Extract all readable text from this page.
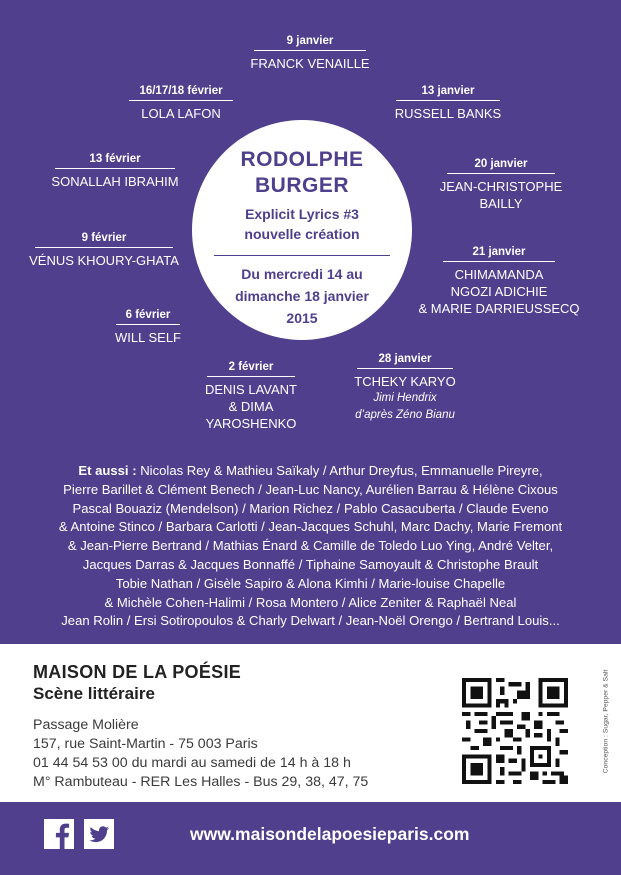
RODOLPHE
BURGER
Explicit Lyrics #3
nouvelle création
Du mercredi 14 au
dimanche 18 janvier
2015
9 janvier
FRANCK VENAILLE
13 janvier
RUSSELL BANKS
20 janvier
JEAN-CHRISTOPHE
BAILLY
21 janvier
CHIMAMANDA
NGOZI ADICHIE
& MARIE DARRIEUSSECQ
28 janvier
TCHEKY KARYO
Jimi Hendrix
d’après Zéno Bianu
2 février
DENIS LAVANT
& DIMA YAROSHENKO
6 février
WILL SELF
9 février
VÉNUS KHOURY-GHATA
13 février
SONALLAH IBRAHIM
16/17/18 février
LOLA LAFON
Et aussi : Nicolas Rey & Mathieu Saïkaly / Arthur Dreyfus, Emmanuelle Pireyre,
Pierre Barillet & Clément Benech / Jean-Luc Nancy, Aurélien Barrau & Hélène Cixous
Pascal Bouaziz (Mendelson) / Marion Richez / Pablo Casacuberta / Claude Eveno
& Antoine Stinco / Barbara Carlotti / Jean-Jacques Schuhl, Marc Dachy, Marie Fremont
& Jean-Pierre Bertrand / Mathias Énard & Camille de Toledo Luo Ying, André Velter,
Jacques Darras & Jacques Bonnaffé / Tiphaine Samoyault & Christophe Brault
Tobie Nathan / Gisèle Sapiro & Alona Kimhi / Marie-louise Chapelle
& Michèle Cohen-Halimi / Rosa Montero / Alice Zeniter & Raphaël Neal
Jean Rolin / Ersi Sotiropoulos & Charly Delwart / Jean-Noël Orengo / Bertrand Louis...
MAISON DE LA POÉSIE
Scène littéraire
Passage Molière
157, rue Saint-Martin - 75 003 Paris
01 44 54 53 00 du mardi au samedi de 14 h à 18 h
M° Rambuteau - RER Les Halles - Bus 29, 38, 47, 75
Conception : Sugar, Pepper & Salt
www.maisondelapoesieparis.com
